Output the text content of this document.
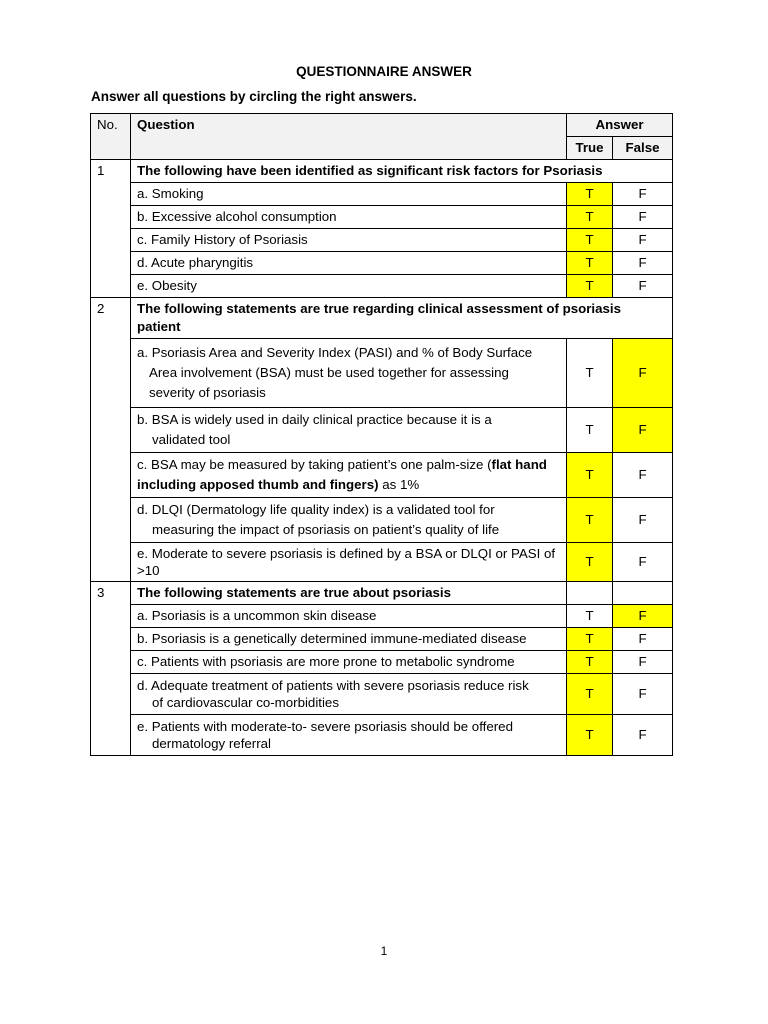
QUESTIONNAIRE ANSWER
Answer all questions by circling the right answers.
No.	Question	Answer	
		True	False
1	The following have been identified as significant risk factors for Psoriasis		
	a. Smoking	T	F
	b. Excessive alcohol consumption	T	F
	c. Family History of Psoriasis	T	F
	d. Acute pharyngitis	T	F
	e. Obesity	T	F
2	The following statements are true regarding clinical assessment of psoriasis patient		
	a. Psoriasis Area and Severity Index (PASI) and % of Body Surface
Area involvement (BSA) must be used together for assessing
severity of psoriasis	T	F
	b. BSA is widely used in daily clinical practice because it is a
validated tool	T	F
	c. BSA may be measured by taking patient’s one palm-size (flat hand including apposed thumb and fingers) as 1%	T	F
	d. DLQI (Dermatology life quality index) is a validated tool for
measuring the impact of psoriasis on patient’s quality of life	T	F
	e. Moderate to severe psoriasis is defined by a BSA or DLQI or PASI of >10	T	F
3	The following statements are true about psoriasis		
	a. Psoriasis is a uncommon skin disease	T	F
	b. Psoriasis is a genetically determined immune-mediated disease	T	F
	c. Patients with psoriasis are more prone to metabolic syndrome	T	F
	d. Adequate treatment of patients with severe psoriasis reduce risk
of cardiovascular co-morbidities	T	F
	e. Patients with moderate-to- severe psoriasis should be offered
dermatology referral	T	F
1
